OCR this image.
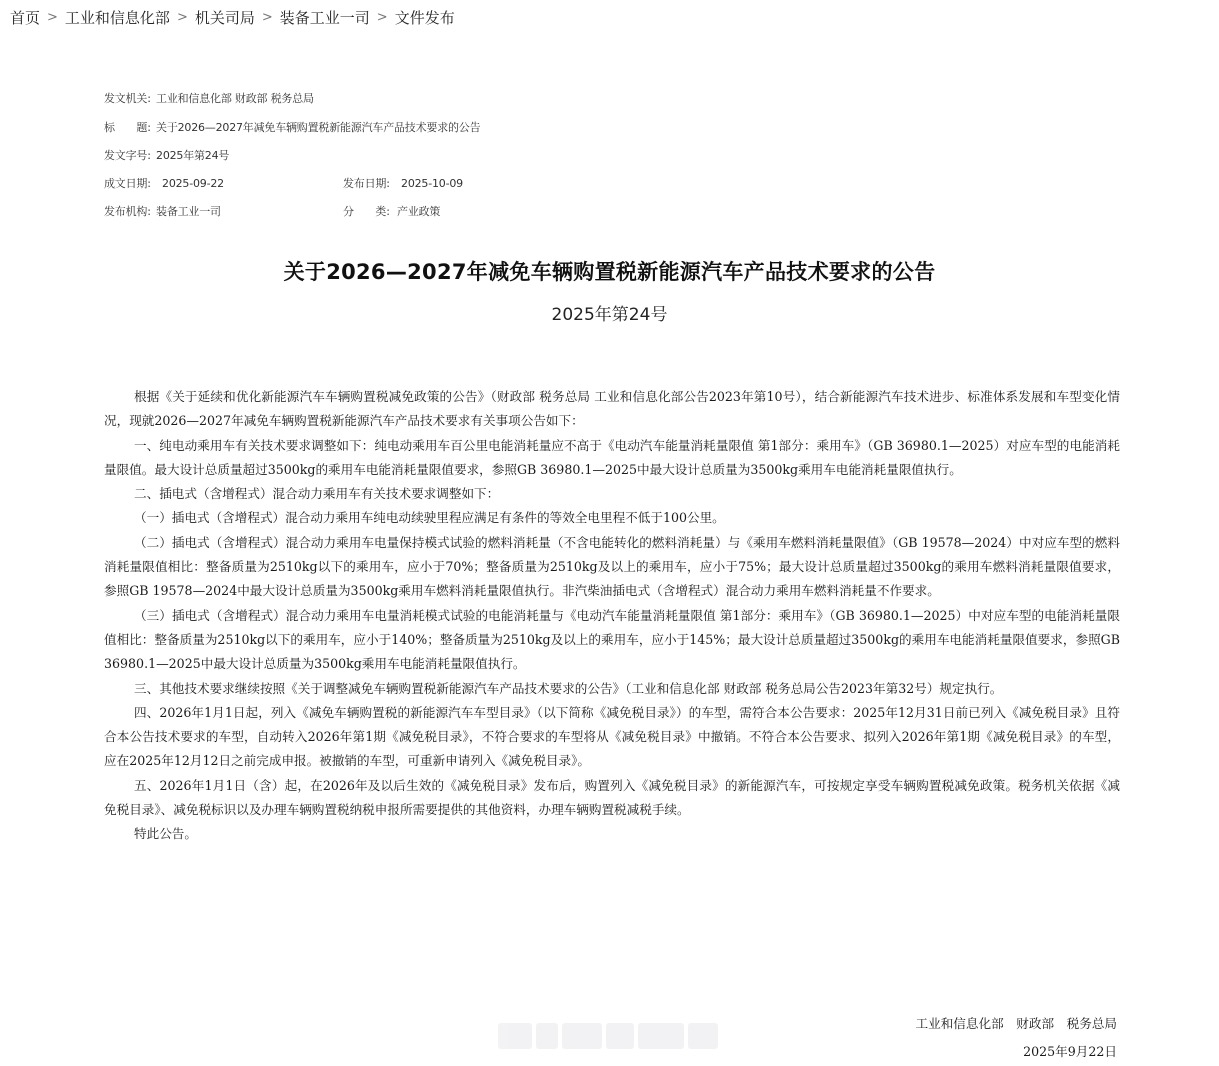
首页 > 工业和信息化部 > 机关司局 > 装备工业一司 > 文件发布
发文机关: 工业和信息化部 财政部 税务总局
标　　题: 关于2026—2027年减免车辆购置税新能源汽车产品技术要求的公告
发文字号: 2025年第24号
成文日期: 2025-09-22	发布日期: 2025-10-09
发布机构: 装备工业一司	分　　类: 产业政策
关于2026—2027年减免车辆购置税新能源汽车产品技术要求的公告
2025年第24号

根据《关于延续和优化新能源汽车车辆购置税减免政策的公告》（财政部 税务总局 工业和信息化部公告2023年第10号），结合新能源汽车技术进步、标准体系发展和车型变化情况，现就2026—2027年减免车辆购置税新能源汽车产品技术要求有关事项公告如下：

一、纯电动乘用车有关技术要求调整如下：纯电动乘用车百公里电能消耗量应不高于《电动汽车能量消耗量限值 第1部分：乘用车》（GB 36980.1—2025）对应车型的电能消耗量限值。最大设计总质量超过3500kg的乘用车电能消耗量限值要求，参照GB 36980.1—2025中最大设计总质量为3500kg乘用车电能消耗量限值执行。

二、插电式（含增程式）混合动力乘用车有关技术要求调整如下：

（一）插电式（含增程式）混合动力乘用车纯电动续驶里程应满足有条件的等效全电里程不低于100公里。

（二）插电式（含增程式）混合动力乘用车电量保持模式试验的燃料消耗量（不含电能转化的燃料消耗量）与《乘用车燃料消耗量限值》（GB 19578—2024）中对应车型的燃料消耗量限值相比：整备质量为2510kg以下的乘用车，应小于70%；整备质量为2510kg及以上的乘用车，应小于75%；最大设计总质量超过3500kg的乘用车燃料消耗量限值要求，参照GB 19578—2024中最大设计总质量为3500kg乘用车燃料消耗量限值执行。非汽柴油插电式（含增程式）混合动力乘用车燃料消耗量不作要求。

（三）插电式（含增程式）混合动力乘用车电量消耗模式试验的电能消耗量与《电动汽车能量消耗量限值 第1部分：乘用车》（GB 36980.1—2025）中对应车型的电能消耗量限值相比：整备质量为2510kg以下的乘用车，应小于140%；整备质量为2510kg及以上的乘用车，应小于145%；最大设计总质量超过3500kg的乘用车电能消耗量限值要求，参照GB 36980.1—2025中最大设计总质量为3500kg乘用车电能消耗量限值执行。

三、其他技术要求继续按照《关于调整减免车辆购置税新能源汽车产品技术要求的公告》（工业和信息化部 财政部 税务总局公告2023年第32号）规定执行。

四、2026年1月1日起，列入《减免车辆购置税的新能源汽车车型目录》（以下简称《减免税目录》）的车型，需符合本公告要求：2025年12月31日前已列入《减免税目录》且符合本公告技术要求的车型，自动转入2026年第1期《减免税目录》，不符合要求的车型将从《减免税目录》中撤销。不符合本公告要求、拟列入2026年第1期《减免税目录》的车型，应在2025年12月12日之前完成申报。被撤销的车型，可重新申请列入《减免税目录》。

五、2026年1月1日（含）起，在2026年及以后生效的《减免税目录》发布后，购置列入《减免税目录》的新能源汽车，可按规定享受车辆购置税减免政策。税务机关依据《减免税目录》、减免税标识以及办理车辆购置税纳税申报所需要提供的其他资料，办理车辆购置税减税手续。

特此公告。

工业和信息化部　财政部　税务总局
2025年9月22日
